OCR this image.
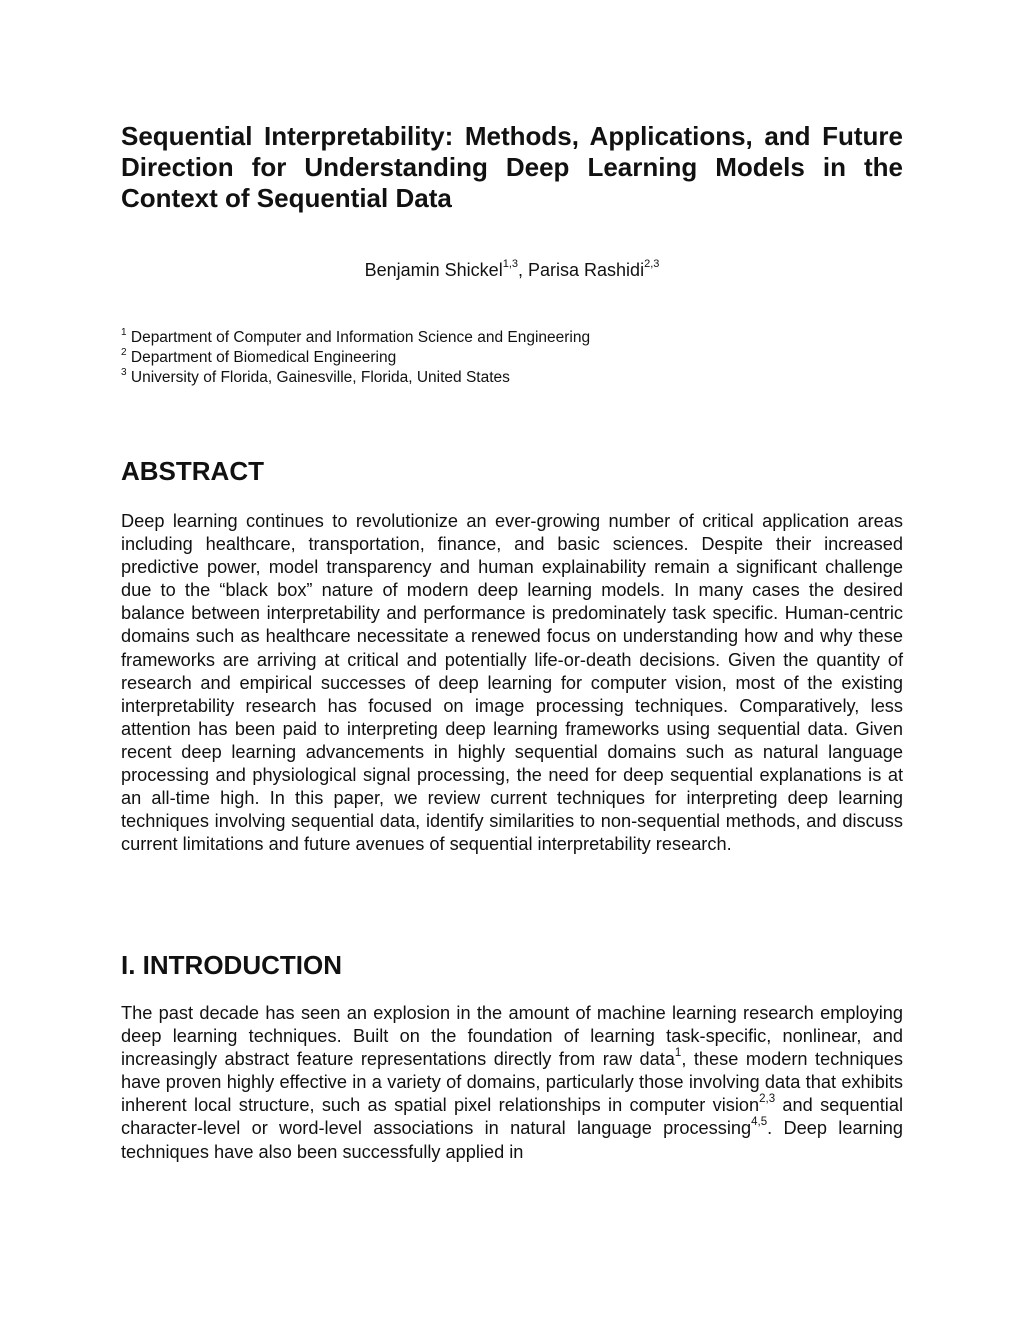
Sequential Interpretability: Methods, Applications, and Future Direction for Understanding Deep Learning Models in the Context of Sequential Data
Benjamin Shickel$^{1,3}$, Parisa Rashidi$^{2,3}$
$^1$ Department of Computer and Information Science and Engineering
$^2$ Department of Biomedical Engineering
$^3$ University of Florida, Gainesville, Florida, United States
ABSTRACT

Deep learning continues to revolutionize an ever-growing number of critical application areas including healthcare, transportation, finance, and basic sciences. Despite their increased predictive power, model transparency and human explainability remain a significant challenge due to the “black box” nature of modern deep learning models. In many cases the desired balance between interpretability and performance is predominately task specific. Human-centric domains such as healthcare necessitate a renewed focus on understanding how and why these frameworks are arriving at critical and potentially life-or-death decisions. Given the quantity of research and empirical successes of deep learning for computer vision, most of the existing interpretability research has focused on image processing techniques. Comparatively, less attention has been paid to interpreting deep learning frameworks using sequential data. Given recent deep learning advancements in highly sequential domains such as natural language processing and physiological signal processing, the need for deep sequential explanations is at an all-time high. In this paper, we review current techniques for interpreting deep learning techniques involving sequential data, identify similarities to non-sequential methods, and discuss current limitations and future avenues of sequential interpretability research.

I. INTRODUCTION

The past decade has seen an explosion in the amount of machine learning research employing deep learning techniques. Built on the foundation of learning task-specific, nonlinear, and increasingly abstract feature representations directly from raw data$^1$, these modern techniques have proven highly effective in a variety of domains, particularly those involving data that exhibits inherent local structure, such as spatial pixel relationships in computer vision$^{2,3}$ and sequential character-level or word-level associations in natural language processing$^{4,5}$. Deep learning techniques have also been successfully applied in
